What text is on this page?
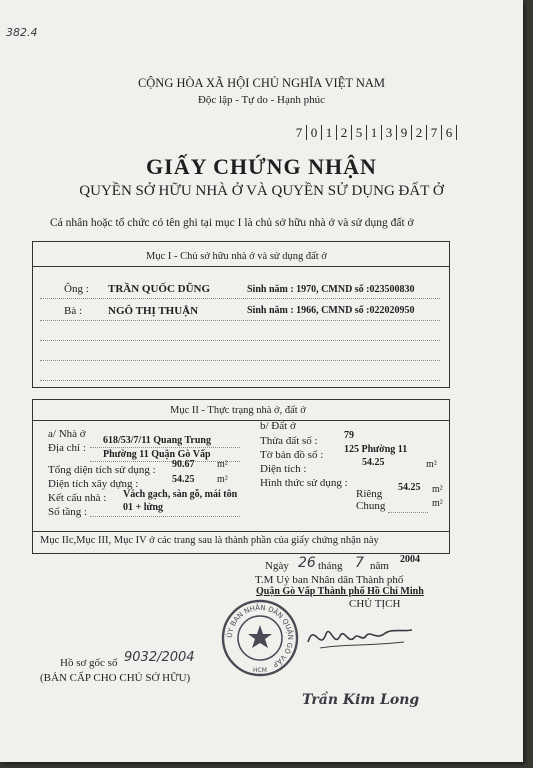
382.4
CỘNG HÒA XÃ HỘI CHỦ NGHĨA VIỆT NAM
Độc lập - Tự do - Hạnh phúc
7 0 1 2 5 1 3 9 2 7 6
GIẤY CHỨNG NHẬN
QUYỀN SỞ HỮU NHÀ Ở VÀ QUYỀN SỬ DỤNG ĐẤT Ở
Cá nhân hoặc tổ chức có tên ghi tại mục I là chủ sở hữu nhà ở và sử dụng đất ở
Mục I - Chủ sở hữu nhà ở và sử dụng đất ở
Ông : TRẦN QUỐC DŨNG	Sinh năm : 1970, CMND số :023500830
Bà : NGÔ THỊ THUẬN	Sinh năm : 1966, CMND số :022020950
Mục II - Thực trạng nhà ở, đất ở
Mục IIc,Mục III, Mục IV ở các trang sau là thành phần của giấy chứng nhận này
a/ Nhà ở
Địa chỉ :
618/53/7/11 Quang Trung
Phường 11 Quận Gò Vấp
Tổng diện tích sử dụng : 90.67 m²
Diện tích xây dựng :	54.25 m²
Kết cấu nhà : Vách gạch, sàn gỗ, mái tôn
Số tầng :	01 + lửng
b/ Đất ở
Thửa đất số :	79
Tờ bản đồ số : 125 Phường 11
Diện tích :
54.25	m²
Hình thức sử dụng :
Riêng
54.25 m²
Chung	m²
Ngày 26 tháng 7 năm
2004
T.M Uỷ ban Nhân dân Thành phố
Quận Gò Vấp Thành phố Hồ Chí Minh
CHỦ TỊCH
ỦY BAN NHÂN DÂN QUẬN GÒ VẤP
HCM
Trần Kim Long
Hồ sơ gốc số 9032/2004
(BẢN CẤP CHO CHỦ SỞ HỮU)
